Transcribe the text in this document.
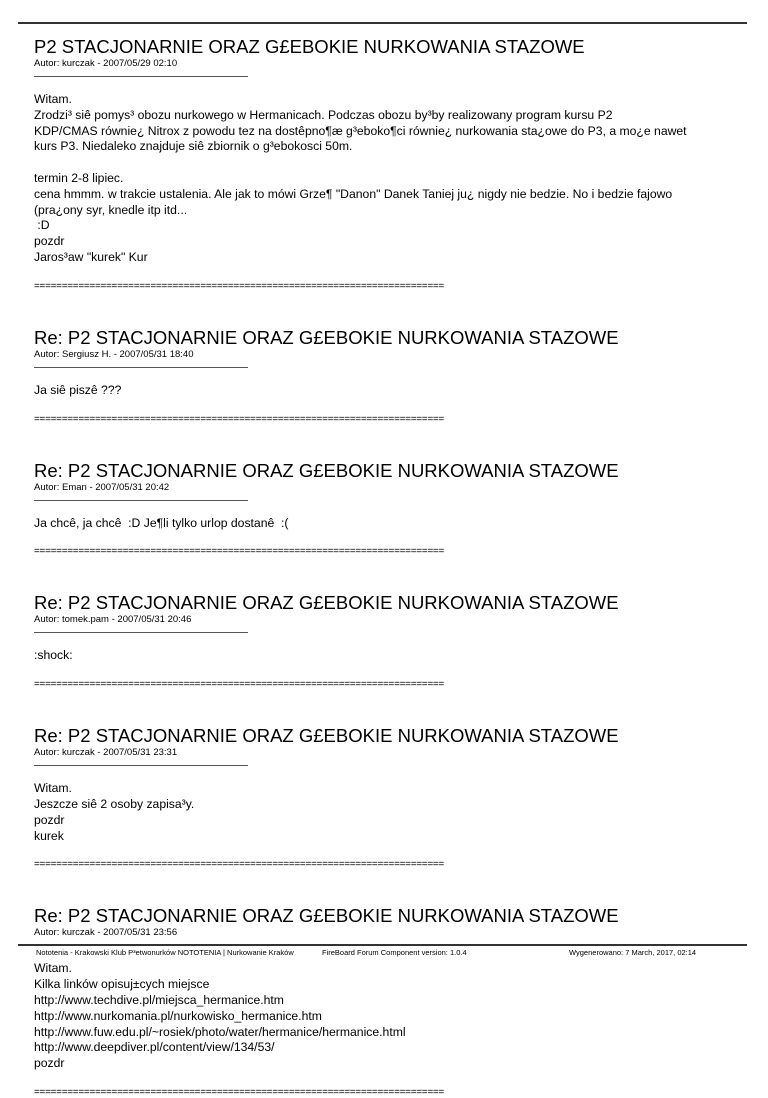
P2 STACJONARNIE ORAZ G£EBOKIE NURKOWANIA STAZOWE
Autor: kurczak - 2007/05/29 02:10
Witam.
Zrodzi³ siê pomys³ obozu nurkowego w Hermanicach. Podczas obozu by³by realizowany program kursu P2
KDP/CMAS równie¿ Nitrox z powodu tez na dostêpno¶æ g³eboko¶ci równie¿ nurkowania sta¿owe do P3, a mo¿e nawet
kurs P3. Niedaleko znajduje siê zbiornik o g³ebokosci 50m.
termin 2-8 lipiec.
cena hmmm. w trakcie ustalenia. Ale jak to mówi Grze¶ "Danon" Danek Taniej ju¿ nigdy nie bedzie. No i bedzie fajowo
(pra¿ony syr, knedle itp itd...
:D
pozdr
Jaros³aw "kurek" Kur
==========================================================================
Re: P2 STACJONARNIE ORAZ G£EBOKIE NURKOWANIA STAZOWE
Autor: Sergiusz H. - 2007/05/31 18:40
Ja siê piszê ???
==========================================================================
Re: P2 STACJONARNIE ORAZ G£EBOKIE NURKOWANIA STAZOWE
Autor: Eman - 2007/05/31 20:42
Ja chcê, ja chcê  :D Je¶li tylko urlop dostanê  :(
==========================================================================
Re: P2 STACJONARNIE ORAZ G£EBOKIE NURKOWANIA STAZOWE
Autor: tomek.pam - 2007/05/31 20:46
:shock:
==========================================================================
Re: P2 STACJONARNIE ORAZ G£EBOKIE NURKOWANIA STAZOWE
Autor: kurczak - 2007/05/31 23:31
Witam.
Jeszcze siê 2 osoby zapisa³y.
pozdr
kurek
==========================================================================
Re: P2 STACJONARNIE ORAZ G£EBOKIE NURKOWANIA STAZOWE
Autor: kurczak - 2007/05/31 23:56
Witam.
Kilka linków opisuj±cych miejsce
http://www.techdive.pl/miejsca_hermanice.htm
http://www.nurkomania.pl/nurkowisko_hermanice.htm
http://www.fuw.edu.pl/~rosiek/photo/water/hermanice/hermanice.html
http://www.deepdiver.pl/content/view/134/53/
pozdr
==========================================================================
Nototenia - Krakowski Klub P³etwonurków NOTOTENIA | Nurkowanie Kraków	FireBoard Forum Component version: 1.0.4	Wygenerowano: 7 March, 2017, 02:14
